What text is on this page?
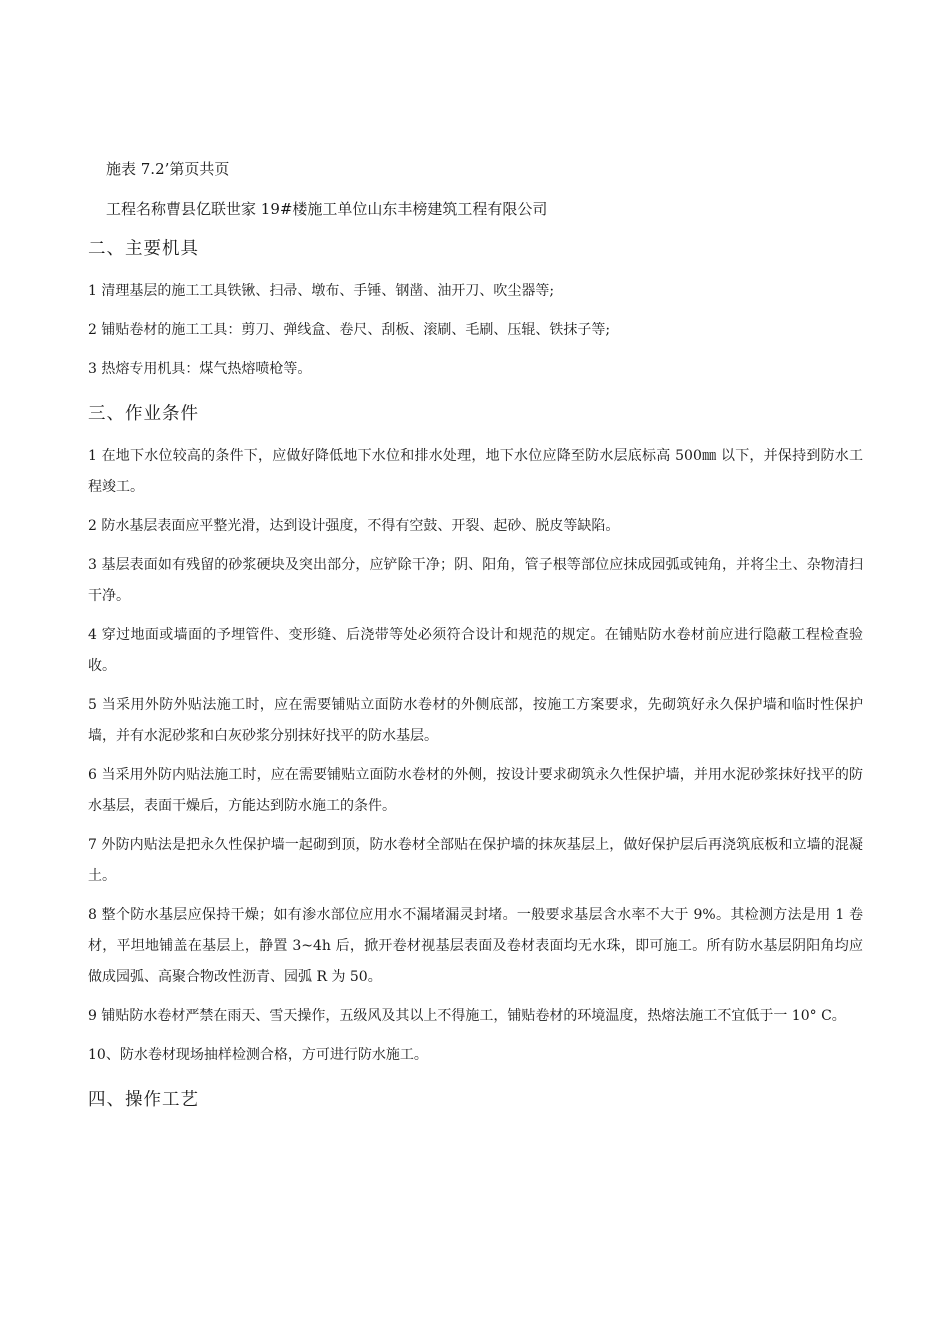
施表 7.2’第页共页
工程名称曹县亿联世家 19#楼施工单位山东丰榜建筑工程有限公司
二、主要机具

1 清理基层的施工工具铁锹、扫帚、墩布、手锤、钢凿、油开刀、吹尘器等;

2 铺贴卷材的施工工具：剪刀、弹线盒、卷尺、刮板、滚刷、毛刷、压辊、铁抹子等;

3 热熔专用机具：煤气热熔喷枪等。

三、作业条件

1 在地下水位较高的条件下，应做好降低地下水位和排水处理，地下水位应降至防水层底标高 500㎜ 以下，并保持到防水工程竣工。

2 防水基层表面应平整光滑，达到设计强度，不得有空鼓、开裂、起砂、脱皮等缺陷。

3 基层表面如有残留的砂浆硬块及突出部分，应铲除干净；阴、阳角，管子根等部位应抹成园弧或钝角，并将尘土、杂物清扫干净。

4 穿过地面或墙面的予埋管件、变形缝、后浇带等处必须符合设计和规范的规定。在铺贴防水卷材前应进行隐蔽工程检查验收。

5 当采用外防外贴法施工时，应在需要铺贴立面防水卷材的外侧底部，按施工方案要求，先砌筑好永久保护墙和临时性保护墙，并有水泥砂浆和白灰砂浆分别抹好找平的防水基层。

6 当采用外防内贴法施工时，应在需要铺贴立面防水卷材的外侧，按设计要求砌筑永久性保护墙，并用水泥砂浆抹好找平的防水基层，表面干燥后，方能达到防水施工的条件。

7 外防内贴法是把永久性保护墙一起砌到顶，防水卷材全部贴在保护墙的抹灰基层上，做好保护层后再浇筑底板和立墙的混凝土。

8 整个防水基层应保持干燥；如有渗水部位应用水不漏堵漏灵封堵。一般要求基层含水率不大于 9%。其检测方法是用 1 卷材，平坦地铺盖在基层上，静置 3~4h 后，掀开卷材视基层表面及卷材表面均无水珠，即可施工。所有防水基层阴阳角均应做成园弧、高聚合物改性沥青、园弧 R 为 50。

9 铺贴防水卷材严禁在雨天、雪天操作，五级风及其以上不得施工，铺贴卷材的环境温度，热熔法施工不宜低于一 10° C。

10、防水卷材现场抽样检测合格，方可进行防水施工。

四、操作工艺
